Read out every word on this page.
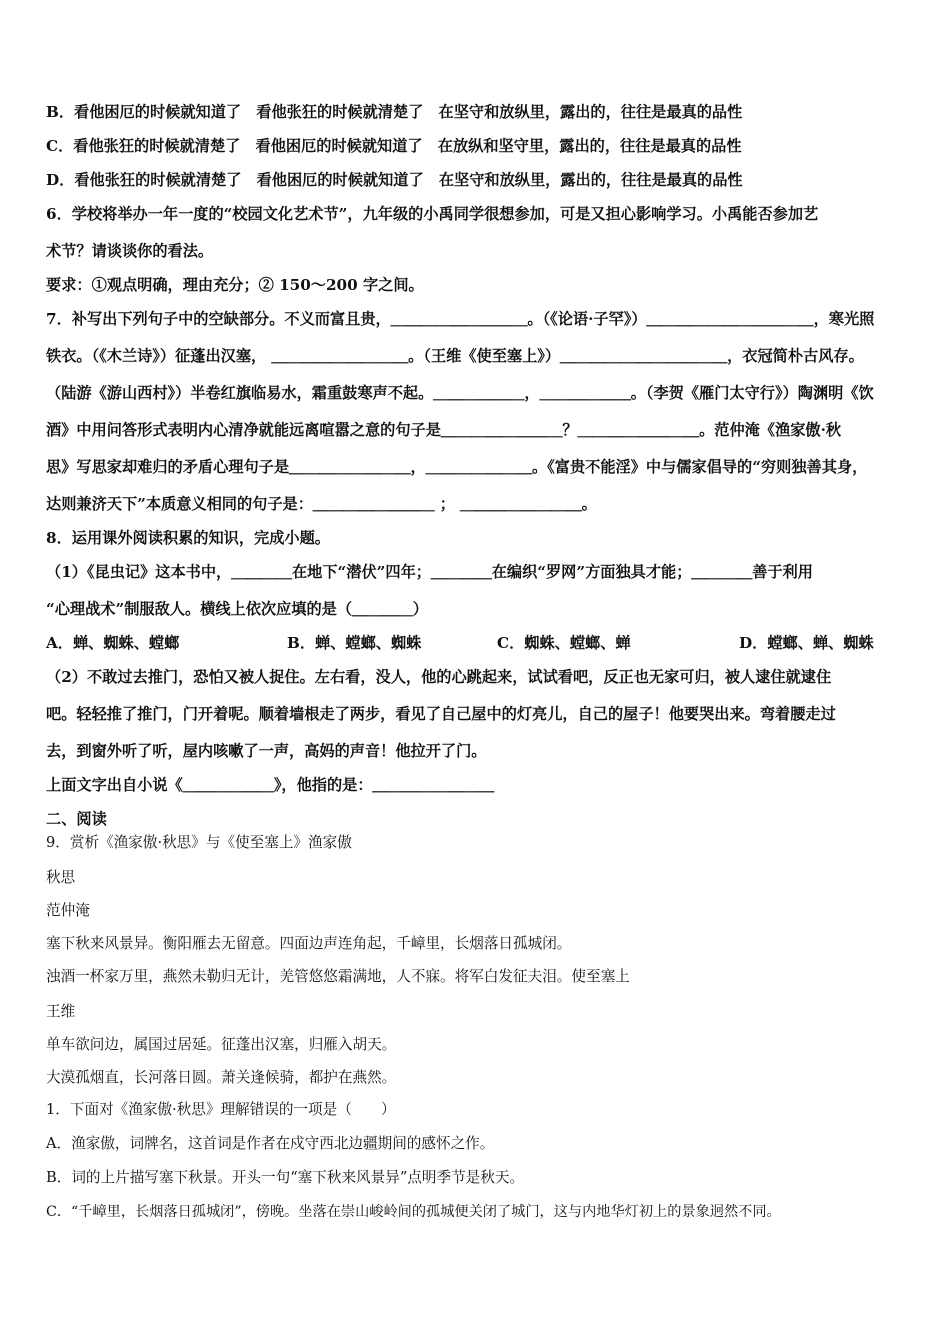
B．看他困厄的时候就知道了　看他张狂的时候就清楚了　在坚守和放纵里，露出的，往往是最真的品性
C．看他张狂的时候就清楚了　看他困厄的时候就知道了　在放纵和坚守里，露出的，往往是最真的品性
D．看他张狂的时候就清楚了　看他困厄的时候就知道了　在坚守和放纵里，露出的，往往是最真的品性
6．学校将举办一年一度的“校园文化艺术节”，九年级的小禹同学很想参加，可是又担心影响学习。小禹能否参加艺
术节？请谈谈你的看法。
要求：①观点明确，理由充分；② 150～200 字之间。
7．补写出下列句子中的空缺部分。不义而富且贵，＿＿＿＿＿＿＿＿＿。（《论语·子罕》）＿＿＿＿＿＿＿＿＿＿＿，寒光照
铁衣。（《木兰诗》）征蓬出汉塞， ＿＿＿＿＿＿＿＿＿。（王维《使至塞上》）＿＿＿＿＿＿＿＿＿＿＿，衣冠简朴古风存。
（陆游《游山西村》）半卷红旗临易水，霜重鼓寒声不起。＿＿＿＿＿＿，＿＿＿＿＿＿。（李贺《雁门太守行》）陶渊明《饮
酒》中用问答形式表明内心清净就能远离喧嚣之意的句子是＿＿＿＿＿＿＿＿？＿＿＿＿＿＿＿＿。范仲淹《渔家傲·秋
思》写思家却难归的矛盾心理句子是＿＿＿＿＿＿＿＿，＿＿＿＿＿＿＿。《富贵不能淫》中与儒家倡导的“穷则独善其身，
达则兼济天下”本质意义相同的句子是：＿＿＿＿＿＿＿＿ ； ＿＿＿＿＿＿＿＿。
8．运用课外阅读积累的知识，完成小题。
（1）《昆虫记》这本书中，＿＿＿＿在地下“潜伏”四年；＿＿＿＿在编织“罗网”方面独具才能；＿＿＿＿善于利用
“心理战术”制服敌人。横线上依次应填的是（＿＿＿＿）
A．蝉、蜘蛛、螳螂	B．蝉、螳螂、蜘蛛	C．蜘蛛、螳螂、蝉	D．螳螂、蝉、蜘蛛
（2）不敢过去推门，恐怕又被人捉住。左右看，没人，他的心跳起来，试试看吧，反正也无家可归，被人逮住就逮住
吧。轻轻推了推门，门开着呢。顺着墙根走了两步，看见了自己屋中的灯亮儿，自己的屋子！他要哭出来。弯着腰走过
去，到窗外听了听，屋内咳嗽了一声，高妈的声音！他拉开了门。
上面文字出自小说《＿＿＿＿＿＿》，他指的是：＿＿＿＿＿＿＿＿
二、阅读
9．赏析《渔家傲·秋思》与《使至塞上》渔家傲
秋思
范仲淹
塞下秋来风景异。衡阳雁去无留意。四面边声连角起，千嶂里，长烟落日孤城闭。
浊酒一杯家万里，燕然未勒归无计，羌管悠悠霜满地，人不寐。将军白发征夫泪。使至塞上
王维
单车欲问边，属国过居延。征蓬出汉塞，归雁入胡天。
大漠孤烟直，长河落日圆。萧关逢候骑，都护在燕然。
1．下面对《渔家傲·秋思》理解错误的一项是（　　）
A．渔家傲，词牌名，这首词是作者在戍守西北边疆期间的感怀之作。
B．词的上片描写塞下秋景。开头一句“塞下秋来风景异”点明季节是秋天。
C．“千嶂里，长烟落日孤城闭”，傍晚。坐落在崇山峻岭间的孤城便关闭了城门，这与内地华灯初上的景象迥然不同。
